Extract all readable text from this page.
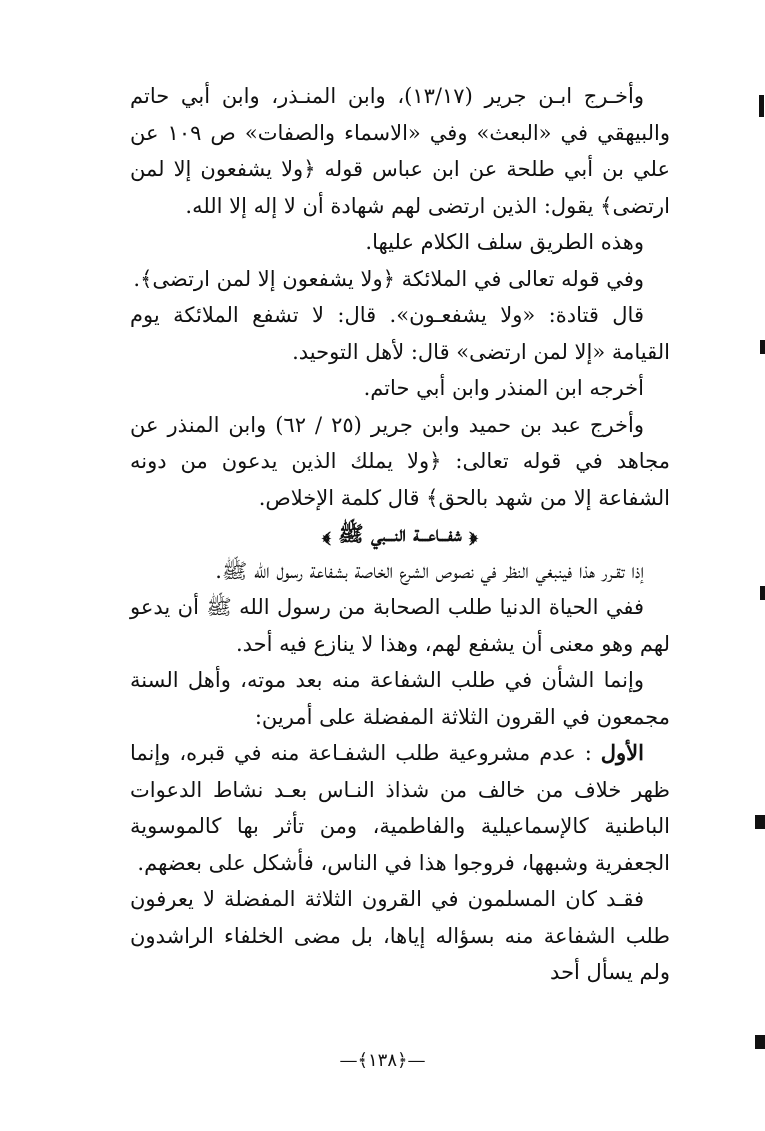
وأخـرج ابـن جرير (١٣/١٧)، وابن المنـذر، وابن أبي حاتم والبيهقي في «البعث» وفي «الاسماء والصفات» ص ١٠٩ عن علي بن أبي طلحة عن ابن عباس قوله ﴿ولا يشفعون إلا لمن ارتضى﴾ يقول: الذين ارتضى لهم شهادة أن لا إله إلا الله.

وهذه الطريق سلف الكلام عليها.

وفي قوله تعالى في الملائكة ﴿ولا يشفعون إلا لمن ارتضى﴾.

قال قتادة: «ولا يشفعـون». قال: لا تشفع الملائكة يوم القيامة «إلا لمن ارتضى» قال: لأهل التوحيد.

أخرجه ابن المنذر وابن أبي حاتم.

وأخرج عبد بن حميد وابن جرير (٢٥ / ٦٢) وابن المنذر عن مجاهد في قوله تعالى: ﴿ولا يملك الذين يدعون من دونه الشفاعة إلا من شهد بالحق﴾ قال كلمة الإخلاص.

﴿ شفـــاعـــة النـــبي ﷺ ﴾

إذا تقـرر هذا فينبغي النظر في نصوص الشرع الخاصة بشفاعة رسول الله ﷺ.

ففي الحياة الدنيا طلب الصحابة من رسول الله ﷺ أن يدعو لهم وهو معنى أن يشفع لهم، وهذا لا ينازع فيه أحد.

وإنما الشأن في طلب الشفاعة منه بعد موته، وأهل السنة مجمعون في القرون الثلاثة المفضلة على أمرين:

الأول : عدم مشروعية طلب الشفـاعة منه في قبره، وإنما ظهر خلاف من خالف من شذاذ النـاس بعـد نشاط الدعوات الباطنية كالإسماعيلية والفاطمية، ومن تأثر بها كالموسوية الجعفرية وشبهها، فروجوا هذا في الناس، فأشكل على بعضهم.

فقـد كان المسلمون في القرون الثلاثة المفضلة لا يعرفون طلب الشفاعة منه بسؤاله إياها، بل مضى الخلفاء الراشدون ولم يسأل أحد

—﴿١٣٨﴾—
